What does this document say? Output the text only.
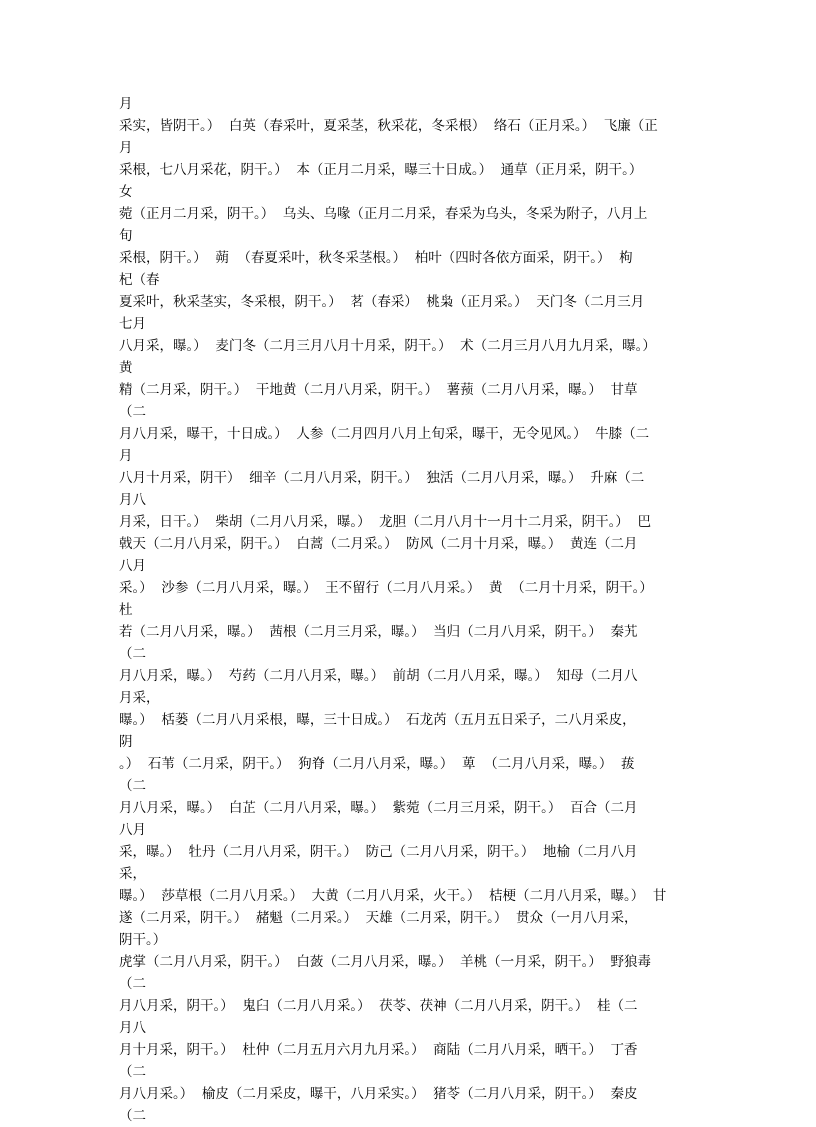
月
采实，皆阴干。）  白英（春采叶，夏采茎，秋采花，冬采根）  络石（正月采。）  飞廉（正
月
采根，七八月采花，阴干。）  本（正月二月采，曝三十日成。）  通草（正月采，阴干。）
女
菀（正月二月采，阴干。）  乌头、乌喙（正月二月采，春采为乌头，冬采为附子，八月上
旬
采根，阴干。）  蒴  （春夏采叶，秋冬采茎根。）  柏叶（四时各依方面采，阴干。）  枸
杞（春
夏采叶，秋采茎实，冬采根，阴干。）  茗（春采）  桃枭（正月采。）  天门冬（二月三月
七月
八月采，曝。）  麦门冬（二月三月八月十月采，阴干。）  术（二月三月八月九月采，曝。）
黄
精（二月采，阴干。）  干地黄（二月八月采，阴干。）  薯蓣（二月八月采，曝。）  甘草
（二
月八月采，曝干，十日成。）  人参（二月四月八月上旬采，曝干，无令见风。）  牛膝（二
月
八月十月采，阴干）  细辛（二月八月采，阴干。）  独活（二月八月采，曝。）  升麻（二
月八
月采，日干。）  柴胡（二月八月采，曝。）  龙胆（二月八月十一月十二月采，阴干。）  巴
戟天（二月八月采，阴干。）  白蒿（二月采。）  防风（二月十月采，曝。）  黄连（二月
八月
采。）  沙参（二月八月采，曝。）  王不留行（二月八月采。）  黄  （二月十月采，阴干。）
杜
若（二月八月采，曝。）  茜根（二月三月采，曝。）  当归（二月八月采，阴干。）  秦艽
（二
月八月采，曝。）  芍药（二月八月采，曝。）  前胡（二月八月采，曝。）  知母（二月八
月采，
曝。）  栝蒌（二月八月采根，曝，三十日成。）  石龙芮（五月五日采子，二八月采皮，
阴
。）  石苇（二月采，阴干。）  狗脊（二月八月采，曝。）  萆  （二月八月采，曝。）  菝
（二
月八月采，曝。）  白芷（二月八月采，曝。）  紫菀（二月三月采，阴干。）  百合（二月
八月
采，曝。）  牡丹（二月八月采，阴干。）  防己（二月八月采，阴干。）  地榆（二月八月
采，
曝。）  莎草根（二月八月采。）  大黄（二月八月采，火干。）  桔梗（二月八月采，曝。）  甘
遂（二月采，阴干。）  赭魁（二月采。）  天雄（二月采，阴干。）  贯众（一月八月采，
阴干。）
虎掌（二月八月采，阴干。）  白蔹（二月八月采，曝。）  羊桃（一月采，阴干。）  野狼毒
（二
月八月采，阴干。）  鬼臼（二月八月采。）  茯苓、茯神（二月八月采，阴干。）  桂（二
月八
月十月采，阴干。）  杜仲（二月五月六月九月采。）  商陆（二月八月采，晒干。）  丁香
（二
月八月采。）  榆皮（二月采皮，曝干，八月采实。）  猪苓（二月八月采，阴干。）  秦皮
（二
